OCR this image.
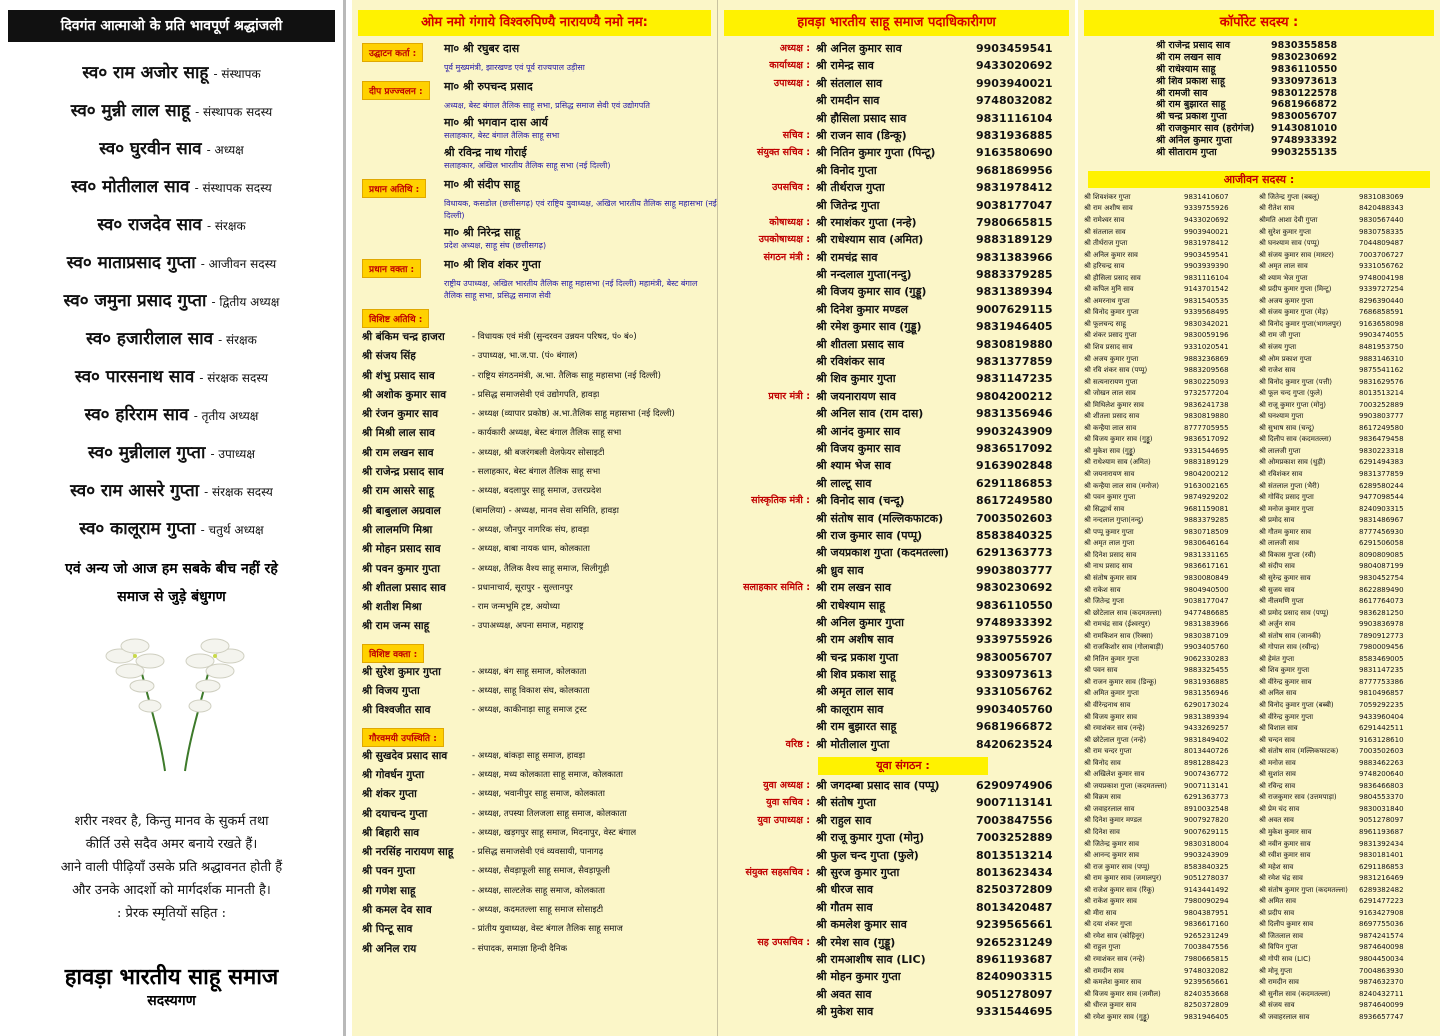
दिवगंत आत्माओ के प्रति भावपूर्ण श्रद्धांजली
स्व० राम अजोर साहू - संस्थापक
स्व० मुन्नी लाल साहू - संस्थापक सदस्य
स्व० घुरवीन साव - अध्यक्ष
स्व० मोतीलाल साव - संस्थापक सदस्य
स्व० राजदेव साव - संरक्षक
स्व० माताप्रसाद गुप्ता - आजीवन सदस्य
स्व० जमुना प्रसाद गुप्ता - द्वितीय अध्यक्ष
स्व० हजारीलाल साव - संरक्षक
स्व० पारसनाथ साव - संरक्षक सदस्य
स्व० हरिराम साव - तृतीय अध्यक्ष
स्व० मुन्नीलाल गुप्ता - उपाध्यक्ष
स्व० राम आसरे गुप्ता - संरक्षक सदस्य
स्व० कालूराम गुप्ता - चतुर्थ अध्यक्ष
एवं अन्य जो आज हम सबके बीच नहीं रहे
समाज से जुड़े बंधुगण
शरीर नश्वर है, किन्तु मानव के सुकर्म तथा
कीर्ति उसे सदैव अमर बनाये रखते हैं।
आने वाली पीढ़ियाँ उसके प्रति श्रद्धावनत होती हैं
और उनके आदर्शो को मार्गदर्शक मानती है।
: प्रेरक स्मृतियों सहित :
हावड़ा भारतीय साहू समाज
सदस्यगण
ओम नमो गंगाये विश्वरुपिण्यै नारायण्यै नमो नम:
उद्घाटन कर्ता :	मा० श्री रघुबर दास
पूर्व मुख्यमंत्री, झारखण्ड एवं पूर्व राज्यपाल उड़ीसा
दीप प्रज्ज्वलन :	मा० श्री रुपचन्द प्रसाद
अध्यक्ष, बेस्ट बंगाल तैलिक साहू सभा, प्रसिद्ध समाज सेवी एवं उद्योगपति
मा० श्री भगवान दास आर्य
सलाहकार, बेस्ट बंगाल तैलिक साहू सभा
श्री रविन्द्र नाथ गोराई
सलाहकार, अखिल भारतीय तैलिक साहू सभा (नई दिल्ली)
प्रधान अतिथि :	मा० श्री संदीप साहू
विधायक, कसडोल (छत्तीसगढ़) एवं राष्ट्रिय युवाध्यक्ष, अखिल भारतीय तैलिक साहू महासभा (नई दिल्ली)
मा० श्री निरेन्द्र साहू
प्रदेश अध्यक्ष, साहू संघ (छत्तीसगढ़)
प्रधान वक्ता :	मा० श्री शिव शंकर गुप्ता
राष्ट्रीय उपाध्यक्ष, अखिल भारतीय तैलिक साहू महासभा (नई दिल्ली) महामंत्री, बेस्ट बंगाल तैलिक साहू सभा, प्रसिद्ध समाज सेवी
विशिष्ट अतिथि :
श्री बंकिम चन्द्र हाजरा	- विधायक एवं मंत्री (सुन्दरवन उन्नयन परिषद, पं० बं०)
श्री संजय सिंह	- उपाध्यक्ष, भा.ज.पा. (पं० बंगाल)
श्री शंभु प्रसाद साव	- राष्ट्रिय संगठनमंत्री, अ.भा. तैलिक साहू महासभा (नई दिल्ली)
श्री अशोक कुमार साव	- प्रसिद्ध समाजसेवी एवं उद्योगपति, हावड़ा
श्री रंजन कुमार साव	- अध्यक्ष (व्यापार प्रकोष्ठ) अ.भा.तैलिक साहू महासभा (नई दिल्ली)
श्री मिश्री लाल साव	- कार्यकारी अध्यक्ष, बेस्ट बंगाल तैलिक साहू सभा
श्री राम लखन साव	- अध्यक्ष, श्री बजरंगबली वेलफेयर सोसाइटी
श्री राजेन्द्र प्रसाद साव	- सलाहकार, बेस्ट बंगाल तैलिक साहू सभा
श्री राम आसरे साहू	- अध्यक्ष, बदलापुर साहू समाज, उत्तरप्रदेश
श्री बाबुलाल अग्रवाल	(बामलिया) - अध्यक्ष, मानव सेवा समिति, हावड़ा
श्री लालमणि मिश्रा	- अध्यक्ष, जौनपुर नागरिक संघ, हावड़ा
श्री मोहन प्रसाद साव	- अध्यक्ष, बाबा नायक धाम, कोलकाता
श्री पवन कुमार गुप्ता	- अध्यक्ष, तैलिक वैश्य साहू समाज, सिलीगुड़ी
श्री शीतला प्रसाद साव	- प्रधानाचार्य, सूरापुर - सुल्तानपुर
श्री शतीश मिश्रा	- राम जन्मभूमि ट्रष्ट, अयोध्या
श्री राम जन्म साहू	- उपाअध्यक्ष, अपना समाज, महाराष्ट्र
विशिष्ट वक्ता :
श्री सुरेश कुमार गुप्ता	- अध्यक्ष, बंग साहू समाज, कोलकाता
श्री विजय गुप्ता	- अध्यक्ष, साहू विकाश संघ, कोलकाता
श्री विश्वजीत साव	- अध्यक्ष, काकीनाड़ा साहू समाज ट्रस्ट
गौरवमयी उपस्थिति :
श्री सुखदेव प्रसाद साव	- अध्यक्ष, बांकड़ा साहू समाज, हावड़ा
श्री गोवर्धन गुप्ता	- अध्यक्ष, मध्य कोलकाता साहू समाज, कोलकाता
श्री शंकर गुप्ता	- अध्यक्ष, भवानीपुर साहू समाज, कोलकाता
श्री दयाचन्द गुप्ता	- अध्यक्ष, तपस्या तिलजला साहू समाज, कोलकाता
श्री बिहारी साव	- अध्यक्ष, खड़गपुर साहू समाज, मिदनापुर, वेस्ट बंगाल
श्री नरसिंह नारायण साहू	- प्रसिद्ध समाजसेवी एवं व्यवसायी, पानागढ़
श्री पवन गुप्ता	- अध्यक्ष, सैवड़ाफूली साहू समाज, सैवड़ाफूली
श्री गणेश साहू	- अध्यक्ष, साल्टलेक साहू समाज, कोलकाता
श्री कमल देव साव	- अध्यक्ष, कदमतल्ला साहू समाज सोसाइटी
श्री पिन्टू साव	- प्रांतीय युवाध्यक्ष, वेस्ट बंगाल तैलिक साहू समाज
श्री अनिल राय	- संपादक, समाज्ञा हिन्दी दैनिक
हावड़ा भारतीय साहू समाज पदाधिकारीगण
अध्यक्ष : श्री अनिल कुमार साव	9903459541
कार्याध्यक्ष : श्री रामेन्द्र साव	9433020692
उपाध्यक्ष : श्री संतलाल साव	9903940021
श्री रामदीन साव	9748032082
श्री हौसिला प्रसाद साव	9831116104
सचिव : श्री राजन साव (डिन्कू)	9831936885
संयुक्त सचिव : श्री नितिन कुमार गुप्ता (पिन्टू)	9163580690
श्री विनोद गुप्ता	9681869956
उपसचिव : श्री तीर्थराज गुप्ता	9831978412
श्री जितेन्द्र गुप्ता	9038177047
कोषाध्यक्ष : श्री रमाशंकर गुप्ता (नन्हे)	7980665815
उपकोषाध्यक्ष : श्री राधेश्याम साव (अमित)	9883189129
संगठन मंत्री : श्री रामचंद्र साव	9831383966
श्री नन्दलाल गुप्ता(नन्दु)	9883379285
श्री विजय कुमार साव (गुड्डू)	9831389394
श्री दिनेश कुमार मण्डल	9007629115
श्री रमेश कुमार साव (गुड्डू)	9831946405
श्री शीतला प्रसाद साव	9830819880
श्री रविशंकर साव	9831377859
श्री शिव कुमार गुप्ता	9831147235
प्रचार मंत्री : श्री जयनारायण साव	9804200212
श्री अनिल साव (राम दास)	9831356946
श्री आनंद कुमार साव	9903243909
श्री विजय कुमार साव	9836517092
श्री श्याम भेज साव	9163902848
श्री लाल्टू साव	6291186853
सांस्कृतिक मंत्री : श्री विनोद साव (चन्दू)	8617249580
श्री संतोष साव (मल्लिकफाटक)	7003502603
श्री राज कुमार साव (पप्पू)	8583840325
श्री जयप्रकाश गुप्ता (कदमतल्ला)	6291363773
श्री ध्रुव साव	9903803777
सलाहकार समिति : श्री राम लखन साव	9830230692
श्री राधेश्याम साहू	9836110550
श्री अनिल कुमार गुप्ता	9748933392
श्री राम अशीष साव	9339755926
श्री चन्द्र प्रकाश गुप्ता	9830056707
श्री शिव प्रकाश साहू	9330973613
श्री अमृत लाल साव	9331056762
श्री कालूराम साव	9903405760
श्री राम बुझारत साहू	9681966872
वरिष्ठ : श्री मोतीलाल गुप्ता	8420623524
यूवा संगठन :
युवा अध्यक्ष : श्री जगदम्बा प्रसाद साव (पप्पू)	6290974906
युवा सचिव : श्री संतोष गुप्ता	9007113141
युवा उपाध्यक्ष : श्री राहुल साव	7003847556
श्री राजू कुमार गुप्ता (मोनु)	7003252889
श्री फुल चन्द गुप्ता (फुले)	8013513214
संयुक्त सहसचिव : श्री सुरज कुमार गुप्ता	8013623434
श्री धीरज साव	8250372809
श्री गौतम साव	8013420487
श्री कमलेश कुमार साव	9239565661
सह उपसचिव : श्री रमेश साव (गुड्डू)	9265231249
श्री रामआशीष साव (LIC)	8961193687
श्री मोहन कुमार गुप्ता	8240903315
श्री अवत साव	9051278097
श्री मुकेश साव	9331544695
कॉर्पोरेट सदस्य :
श्री राजेन्द्र प्रसाद साव	9830355858
श्री राम लखन साव	9830230692
श्री राधेश्याम साहू	9836110550
श्री शिव प्रकाश साहू	9330973613
श्री रामजी साव	9830122578
श्री राम बुझारत साहू	9681966872
श्री चन्द्र प्रकाश गुप्ता	9830056707
श्री राजकुमार साव (हरोगंज)	9143081010
श्री अनिल कुमार गुप्ता	9748933392
श्री सीताराम गुप्ता	9903255135
आजीवन सदस्य :
श्री शिवशंकर गुप्ता	9831410607
श्री राम अशीष साव	9339755926
श्री रामेश्वर साव	9433020692
श्री संतलाल साव	9903940021
श्री तीर्थराज गुप्ता	9831978412
श्री अनिल कुमार साव	9903459541
श्री हरिचन्द्र साव	9903939390
श्री हौसिला प्रसाद साव	9831116104
श्री कपिल मुनि साव	9143701542
श्री अमरनाथ गुप्ता	9831540535
श्री विनोद कुमार गुप्ता	9339568495
श्री फूलचन्द साहू	9830342021
श्री शंकर प्रसाद गुप्ता	9830059196
श्री शिव प्रसाद साव	9331020541
श्री अजय कुमार गुप्ता	9883236869
श्री रवि शंकर साव (पप्पू)	9883209568
श्री सत्यनारायण गुप्ता	9830225093
श्री जोखन लाल साव	9732577204
श्री मिथिलेश कुमार साव	9836241738
श्री शीतला प्रसाद साव	9830819880
श्री कन्हैया लाल साव	8777705955
श्री विजय कुमार साव (गुड्डू)	9836517092
श्री मुकेश साव (गुड्डू)	9331544695
श्री राधेश्याम साव (अमित)	9883189129
श्री जयनारायण साव	9804200212
श्री कन्हैया लाल साव (मनोज)	9163002165
श्री पवन कुमार गुप्ता	9874929202
श्री सिद्धार्थ साव	9681159081
श्री नन्दलाल गुप्ता(नन्दु)	9883379285
श्री पप्पू कुमार गुप्ता	9830718509
श्री अमृत लाल गुप्ता	9830646164
श्री दिनेश प्रसाद साव	9831331165
श्री नाथ प्रसाद साव	9836617161
श्री संतोष कुमार साव	9830080849
श्री राकेश साव	9804940500
श्री जितेन्द्र गुप्ता	9038177047
श्री छोटेलाल साव (कदमतल्ला)	9477486685
श्री रामचंद्र साव (ईश्वरपुर)	9831383966
श्री रामकिशन साव (रिक्सा)	9830387109
श्री राजकिशोर साव (गोलाबाड़ी)	9903405760
श्री नितिन कुमार गुप्ता	9062330283
श्री पवन साव	9883325455
श्री राजन कुमार साव (डिन्कू)	9831936885
श्री अमित कुमार गुप्ता	9831356946
श्री वीरेन्द्रनाथ साव	6290173024
श्री विजय कुमार साव	9831389394
श्री रमाशंकर साव (नन्हे)	9433269257
श्री छोटेलाल गुप्ता (नन्हे)	9831849402
श्री राम चन्दर गुप्ता	8013440726
श्री विनोद साव	8981288423
श्री अखिलेश कुमार साव	9007436772
श्री जयप्रकाश गुप्ता (कदमतल्ला)	9007113141
श्री विक्रम साव	6291363773
श्री जवाहरलाल साव	8910032548
श्री दिनेश कुमार मण्डल	9007927820
श्री दिनेश साव	9007629115
श्री जितेन्द्र कुमार साव	9830318004
श्री आनन्द कुमार साव	9903243909
श्री राज कुमार साव (पप्पू)	8583840325
श्री राम कुमार साव (जमालपुर)	9051278037
श्री राजेश कुमार साव (रिंकू)	9143441492
श्री राकेश कुमार साव	7980090294
श्री मीरा साव	9804387951
श्री दया शंकर गुप्ता	9836617160
श्री रमेश साव (कोहिनूर)	9265231249
श्री राहुल गुप्ता	7003847556
श्री रमाशंकर साव (नन्हे)	7980665815
श्री रामदीन साव	9748032082
श्री कमलेश कुमार साव	9239565661
श्री विजय कुमार साव (जमील)	8240353668
श्री धीरज कुमार साव	8250372809
श्री रमेश कुमार साव (गुड्डू)	9831946405
श्री जितेन्द्र गुप्ता (बबलू)	9831083069
श्री रीतेश साव	8420488343
श्रीमति आशा देवी गुप्ता	9830567440
श्री सुरेश कुमार गुप्ता	9830758335
श्री घनश्याम साव (पप्पू)	7044809487
श्री संजय कुमार साव (मास्टर)	7003706727
श्री अमृत लाल साव	9331056762
श्री श्याम भेज गुप्ता	9748004198
श्री प्रदीप कुमार गुप्ता (मिन्टू)	9339727254
श्री अजय कुमार गुप्ता	8296390440
श्री संजय कुमार गुप्ता (मेड़)	7686858591
श्री विनोद कुमार गुप्ता(भागलपुर)	9163658098
श्री राम जी गुप्ता	9903474055
श्री संजय गुप्ता	8481953750
श्री ओम प्रकाश गुप्ता	9883146310
श्री राजेश साव	9875541162
श्री विनोद कुमार गुप्ता (पत्ती)	9831629576
श्री फूल चन्द गुप्ता (फुले)	8013513214
श्री राजू कुमार गुप्ता (मोनु)	7003252889
श्री घनश्याम गुप्ता	9903803777
श्री सुभाष साव (चन्दू)	8617249580
श्री दिलीप साव (कदमतल्ला)	9836479458
श्री लालजी गुप्ता	9830223318
श्री ओमप्रकाश साव (धुड़ी)	6291494383
श्री रविशंकर साव	9831377859
श्री संतलाल गुप्ता (भैरी)	6289580244
श्री गोविंद प्रसाद गुप्ता	9477098544
श्री मनोज कुमार गुप्ता	8240903315
श्री प्रमोद साव	9831486967
श्री गौतम कुमार साव	8777456930
श्री लालजी साव	6291506058
श्री विकास गुप्ता (रवी)	8090809085
श्री संदीप साव	9804087199
श्री सुरेन्द्र कुमार साव	9830452754
श्री सुजय साव	8622889490
श्री नीलमणि गुप्ता	8617764073
श्री प्रमोद प्रसाद साव (पप्पू)	9836281250
श्री अर्जुन साव	9903836978
श्री संतोष साव (जानकी)	7890912773
श्री गोपाल साव (रवीन्द्र)	7980009456
श्री हेमंत गुप्ता	8583469005
श्री शिव कुमार गुप्ता	9831147235
श्री वीरेन्द्र कुमार साव	8777753386
श्री अनिल साव	9810496857
श्री विनोद कुमार गुप्ता (बब्बी)	7059292235
श्री वीरेन्द्र कुमार गुप्ता	9433960404
श्री विशाल साव	6291442511
श्री चन्दन साव	9163128610
श्री संतोष साव (मल्लिकफाटक)	7003502603
श्री मनोज साव	9883462263
श्री सुशांत साव	9748200640
श्री रविन्द्र साव	9836466803
श्री राजकुमार साव (उत्तमपाड़ा)	9804553370
श्री प्रेम चंद साव	9830031840
श्री अवत साव	9051278097
श्री मुकेश कुमार साव	8961193687
श्री नवीन कुमार साव	9831392434
श्री रवीश कुमार साव	9830181401
श्री महेश साव	6291186853
श्री रमेश चंद्र साव	9831216469
श्री संतोष कुमार गुप्ता (कदमतल्ला)	6289382482
श्री अमित साव	6291477223
श्री प्रदीप साव	9163427908
श्री दिलीप कुमार साव	8697755036
श्री जितलाल साव	9874241574
श्री विपिन गुप्ता	9874640098
श्री गोपी साव (LIC)	9804450034
श्री मोनू गुप्ता	7004863930
श्री रामदीन साव	9874632370
श्री सुनील साव (कदमतल्ला)	8240432711
श्री संजय साव	9874640099
श्री जवाहरलाल साव	8936657747
